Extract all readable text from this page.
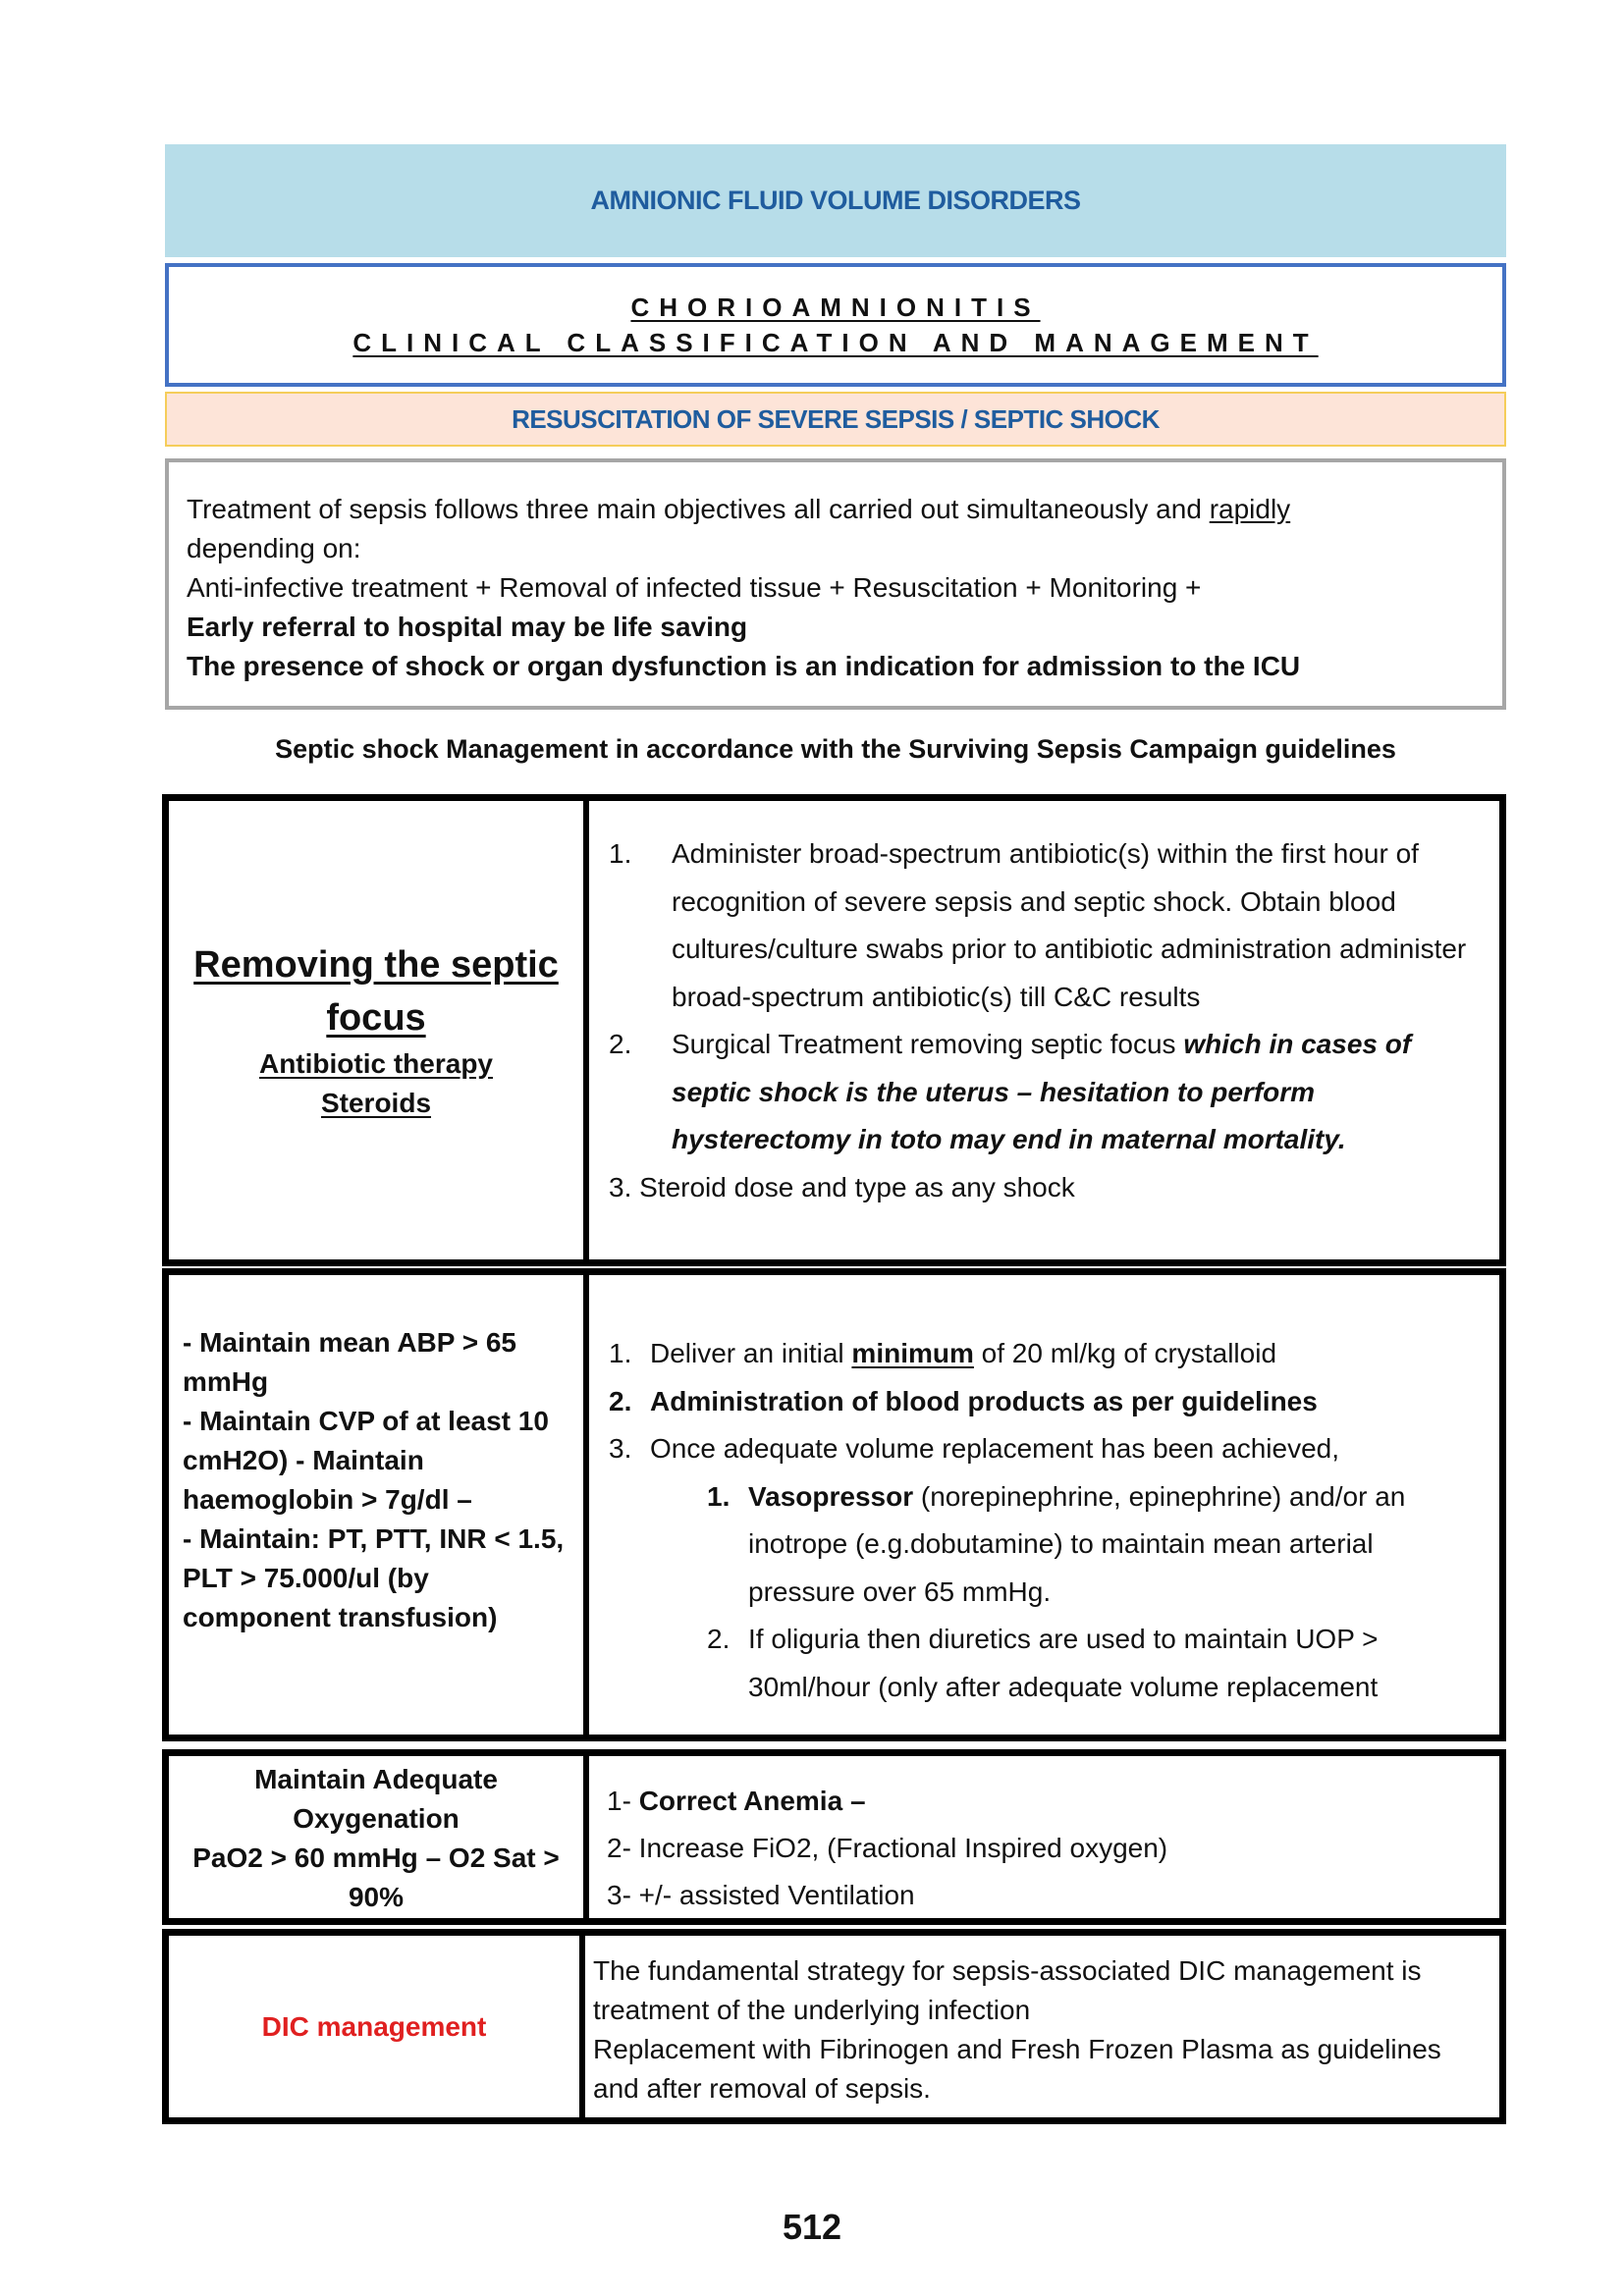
AMNIONIC FLUID VOLUME DISORDERS
CHORIOAMNIONITIS
CLINICAL CLASSIFICATION AND MANAGEMENT
RESUSCITATION OF SEVERE SEPSIS / SEPTIC SHOCK

Treatment of sepsis follows three main objectives all carried out simultaneously and rapidly

depending on:

Anti-infective treatment + Removal of infected tissue + Resuscitation + Monitoring +

Early referral to hospital may be life saving

The presence of shock or organ dysfunction is an indication for admission to the ICU

Septic shock Management in accordance with the Surviving Sepsis Campaign guidelines
Removing the septic focus
Antibiotic therapy
Steroids
1.	Administer broad-spectrum antibiotic(s) within the first hour of recognition of severe sepsis and septic shock. Obtain blood cultures/culture swabs prior to antibiotic administration administer broad-spectrum antibiotic(s) till C&C results
2.	Surgical Treatment removing septic focus which in cases of septic shock is the uterus – hesitation to perform hysterectomy in toto may end in maternal mortality.
3. Steroid dose and type as any shock
- Maintain mean ABP > 65 mmHg
- Maintain CVP of at least 10 cmH2O) - Maintain haemoglobin > 7g/dl –
- Maintain: PT, PTT, INR < 1.5, PLT > 75.000/ul (by component transfusion)
1. Deliver an initial minimum of 20 ml/kg of crystalloid
2. Administration of blood products as per guidelines
3. Once adequate volume replacement has been achieved,
1. Vasopressor (norepinephrine, epinephrine) and/or an inotrope (e.g.dobutamine) to maintain mean arterial pressure over 65 mmHg.
2. If oliguria then diuretics are used to maintain UOP > 30ml/hour (only after adequate volume replacement
Maintain Adequate Oxygenation
PaO2 > 60 mmHg – O2 Sat > 90%
1- Correct Anemia –
2- Increase FiO2, (Fractional Inspired oxygen)
3- +/- assisted Ventilation
DIC management
The fundamental strategy for sepsis-associated DIC management is treatment of the underlying infection
Replacement with Fibrinogen and Fresh Frozen Plasma as guidelines and after removal of sepsis.
512
